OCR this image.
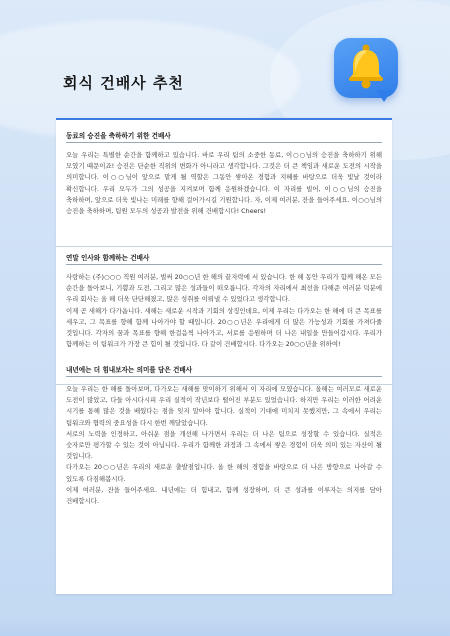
회식 건배사 추천
동료의 승진을 축하하기 위한 건배사
오늘 우리는 특별한 순간을 함께하고 있습니다. 바로 우리 팀의 소중한 동료, 이○○님의 승진을 축하하기 위해 모였기 때문이죠! 승진은 단순한 직위의 변화가 아니라고 생각합니다. 그것은 더 큰 책임과 새로운 도전의 시작을 의미합니다. 이○○님이 앞으로 맡게 될 역할은 그동안 쌓아온 경험과 지혜를 바탕으로 더욱 빛날 것이라 확신합니다. 우리 모두가 그의 성공을 지켜보며 함께 응원하겠습니다. 이 자리를 빌어, 이○○님의 승진을 축하하며, 앞으로 더욱 빛나는 미래를 향해 걸어가시길 기원합니다. 자, 이제 여러분, 잔을 들어주세요. 이○○님의 승진을 축하하며, 팀원 모두의 성공과 발전을 위해 건배합시다! Cheers!
연말 인사와 함께하는 건배사
사랑하는 (주)○○○ 직원 여러분, 벌써 20○○년 한 해의 끝자락에 서 있습니다. 한 해 동안 우리가 함께 해온 모든 순간을 돌아보니, 기쁨과 도전, 그리고 많은 성과들이 떠오릅니다. 각자의 자리에서 최선을 다해준 여러분 덕분에 우리 회사는 올 해 더욱 단단해졌고, 많은 성취를 이뤄낼 수 있었다고 생각합니다.
이제 곧 새해가 다가옵니다. 새해는 새로운 시작과 기회의 상징인데요, 이제 우리는 다가오는 한 해에 더 큰 목표를 세우고, 그 목표를 향해 함께 나아가야 할 때입니다. 20○○년은 우리에게 더 많은 가능성과 기회를 가져다줄 것입니다. 각자의 꿈과 목표를 향해 한걸음씩 나아가고, 서로를 응원하며 더 나은 내일을 만들어갑시다. 우리가 함께하는 이 팀워크가 가장 큰 힘이 될 것입니다. 다 같이 건배합시다. 다가오는 20○○년을 위하여!
내년에는 더 힘내보자는 의미를 담은 건배사
오늘 우리는 한 해를 돌아보며, 다가오는 새해를 맞이하기 위해서 이 자리에 모였습니다. 올해는 여러모로 새로운 도전이 많았고, 다들 아시다시피 우리 실적이 작년보다 떨어진 부분도 있었습니다. 하지만 우리는 이러한 어려운 시기를 통해 많은 것을 배웠다는 점을 잊지 말아야 합니다. 실적이 기대에 미치지 못했지만, 그 속에서 우리는 팀워크와 협력의 중요성을 다시 한번 깨달았습니다.
서로의 노력을 인정하고, 아쉬운 점을 개선해 나가면서 우리는 더 나은 팀으로 성장할 수 있습니다. 실적은 숫자로만 평가할 수 있는 것이 아닙니다. 우리가 함께한 과정과 그 속에서 쌓은 경험이 더욱 의미 있는 자산이 될 것입니다.
다가오는 20○○년은 우리의 새로운 출발점입니다. 올 한 해의 경험을 바탕으로 더 나은 방향으로 나아갈 수 있도록 다짐해봅시다.
이제 여러분, 잔을 들어주세요. 내년에는 더 힘내고, 함께 성장하며, 더 큰 성과를 이루자는 의지를 담아 건배합시다.
